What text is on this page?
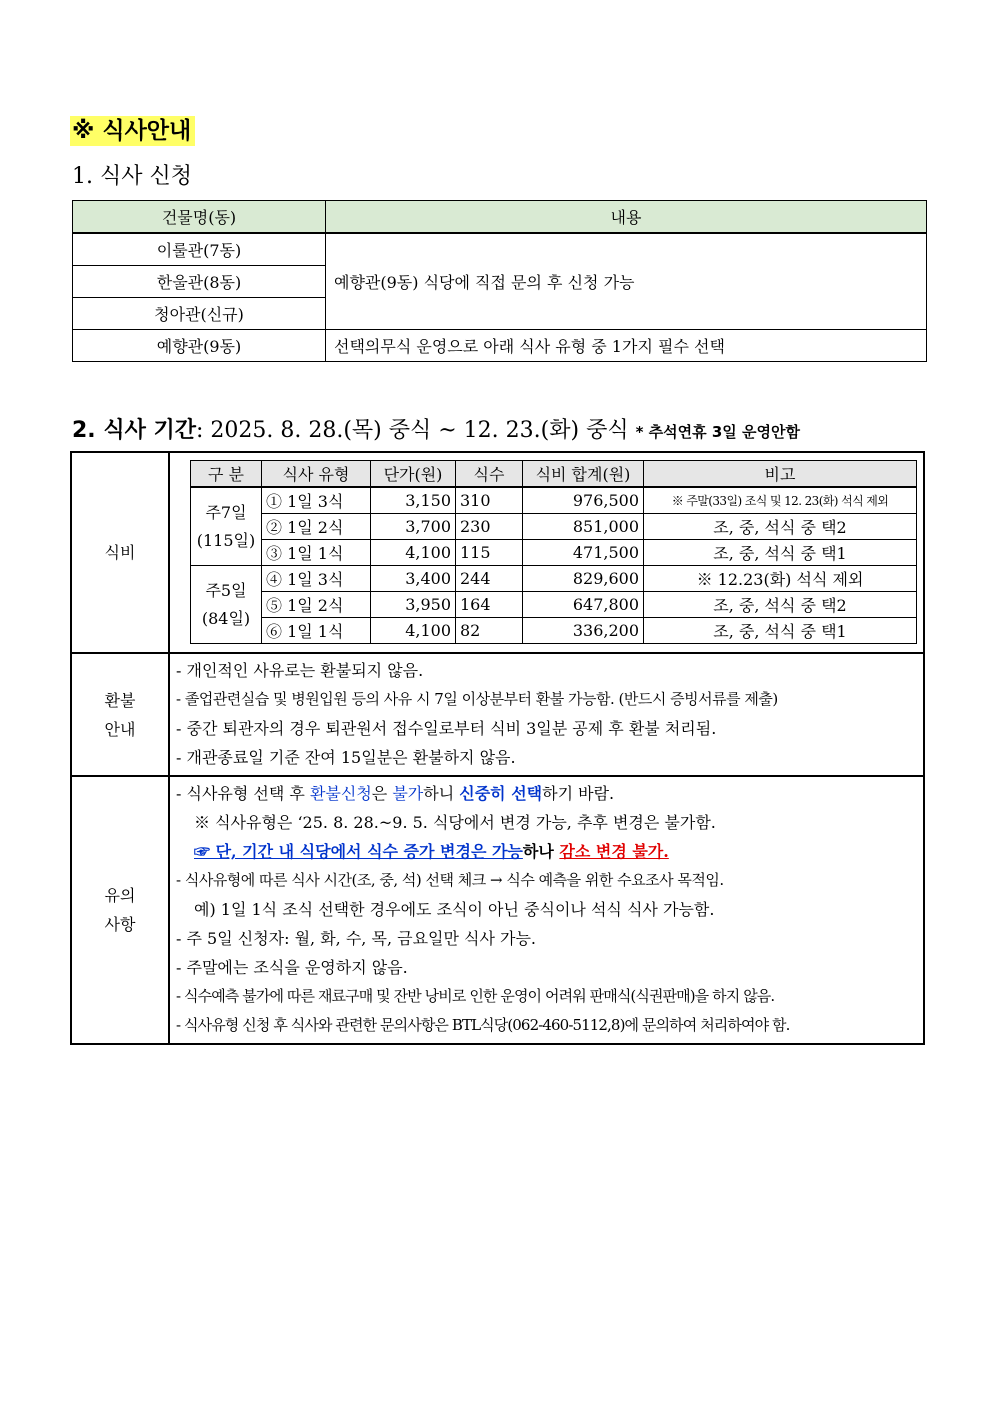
※ 식사안내
1. 식사 신청
건물명(동)	내용
이룰관(7동)	예향관(9동) 식당에 직접 문의 후 신청 가능
한울관(8동)	
청아관(신규)	
예향관(9동)	선택의무식 운영으로 아래 식사 유형 중 1가지 필수 선택
2. 식사 기간: 2025. 8. 28.(목) 중식 ~ 12. 23.(화) 중식 * 추석연휴 3일 운영안함
식비	
구 분	식사 유형	단가(원)	식수	식비 합계(원)	비고

주7일
(115일)
	① 1일 3식	3,150	310	976,500	※ 주말(33일) 조식 및 12. 23(화) 석식 제외
② 1일 2식	3,700	230	851,000	조, 중, 석식 중 택2
③ 1일 1식	4,100	115	471,500	조, 중, 석식 중 택1

주5일
(84일)
	④ 1일 3식	3,400	244	829,600	※ 12.23(화) 석식 제외
⑤ 1일 2식	3,950	164	647,800	조, 중, 석식 중 택2
⑥ 1일 1식	4,100	82	336,200	조, 중, 석식 중 택1

환불
안내

- 개인적인 사유로는 환불되지 않음.
- 졸업관련실습 및 병원입원 등의 사유 시 7일 이상분부터 환불 가능함. (반드시 증빙서류를 제출)
- 중간 퇴관자의 경우 퇴관원서 접수일로부터 식비 3일분 공제 후 환불 처리됨.
- 개관종료일 기준 잔여 15일분은 환불하지 않음.

유의
사항

- 식사유형 선택 후 환불신청은 불가하니 신중히 선택하기 바람.
※ 식사유형은 ‘25. 8. 28.~9. 5. 식당에서 변경 가능, 추후 변경은 불가함.
☞ 단, 기간 내 식당에서 식수 증가 변경은 가능하나 감소 변경 불가.
- 식사유형에 따른 식사 시간(조, 중, 석) 선택 체크 → 식수 예측을 위한 수요조사 목적임.
예) 1일 1식 조식 선택한 경우에도 조식이 아닌 중식이나 석식 식사 가능함.
- 주 5일 신청자: 월, 화, 수, 목, 금요일만 식사 가능.
- 주말에는 조식을 운영하지 않음.
- 식수예측 불가에 따른 재료구매 및 잔반 낭비로 인한 운영이 어려워 판매식(식권판매)을 하지 않음.
- 식사유형 신청 후 식사와 관련한 문의사항은 BTL식당(062-460-5112,8)에 문의하여 처리하여야 함.
